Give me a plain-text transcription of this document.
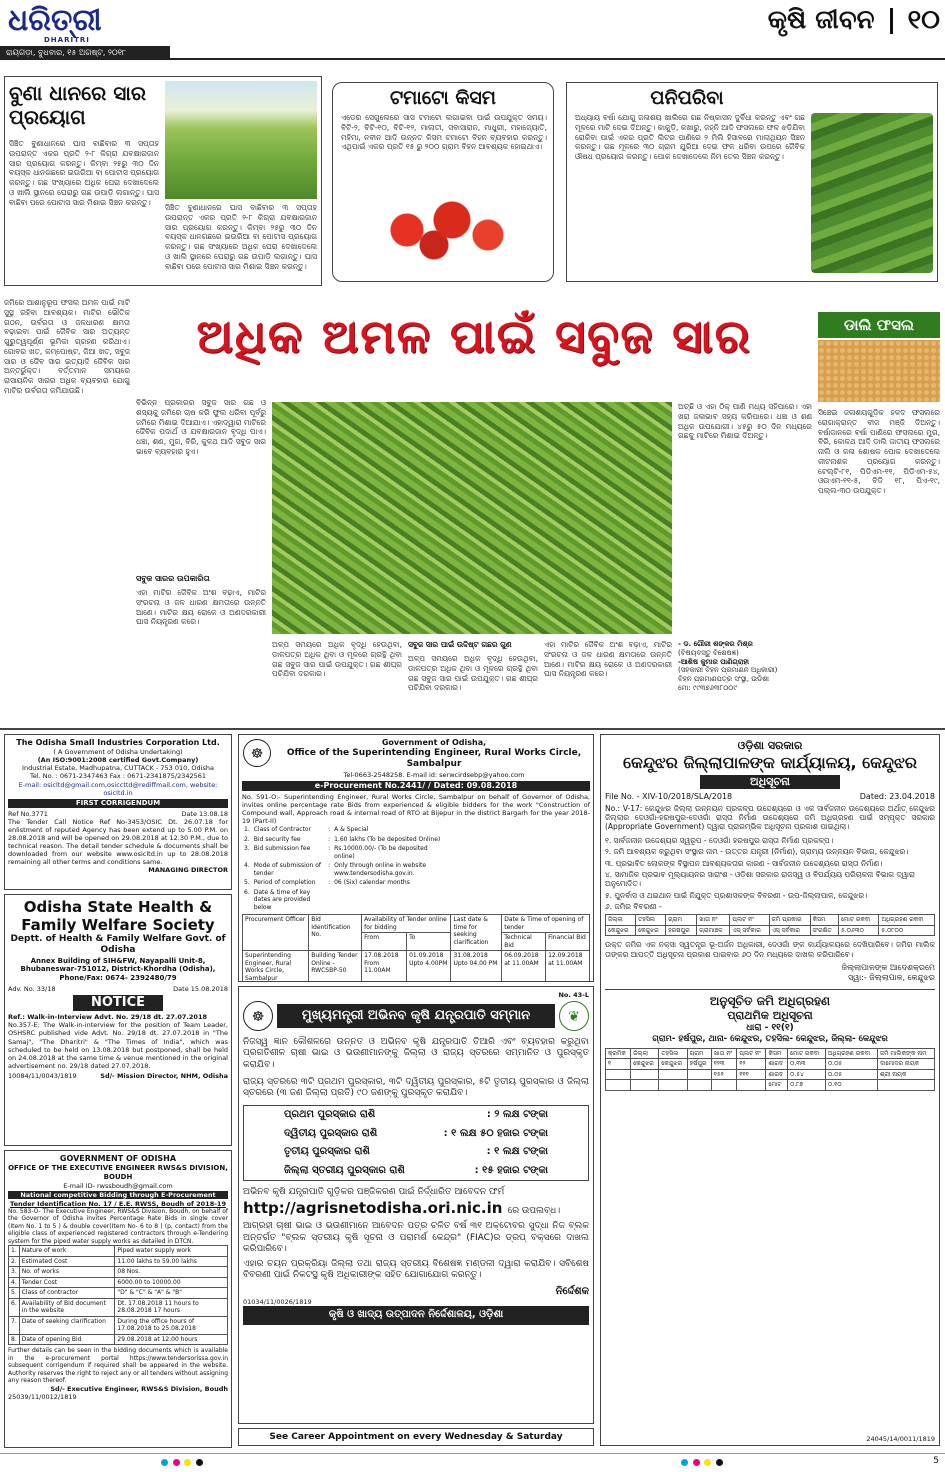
ଧରିତ୍ରୀ
DHARITRI
ରାୟଗଡ଼ା, ବୁଧବାର, ୧୫ ଅଗଷ୍ଟ, ୨୦୧୮
କୃଷି ଜୀବନ ୧୦
ବୁଣା ଧାନରେ ସାର ପ୍ରୟୋଗ
ସିଞ୍ଚିତ ବୁଣାଧାନରେ ଘାସ ବାଛିବାର ୩ ସପ୍ତାହ ଉପରାନ୍ତ ଏକର ପ୍ରତି ୨-୮ କିଗ୍ରା ଯବକ୍ଷାରଜାନ ସାର ପ୍ରୟୋଗ କରନ୍ତୁ। କିମ୍ବା ୨୫ରୁ ୩୦ ଦିନ ବୟସ୍କ ଧାନଗଛରେ ଇଉରିଆ ବା ପୋଟାସ ପ୍ରୟୋଗ କରନ୍ତୁ। ଗଛ ସଂଖ୍ୟାରେ ଅଧିକ ଘେରା ଦେଖାଦେଲେ ଓ ଖାଲି ସ୍ଥାନରେ ଘେରାରୁ ଗଛ ଉପାଡ଼ି ଲଗାନ୍ତୁ। ଘାସ ବାଛିବା ପରେ ପୋଟାସ ସାର ମିଶାଇ ସିଞ୍ଚନ କରନ୍ତୁ।
ସିଞ୍ଚିତ ବୁଣାଧାନରେ ଘାସ ବାଛିବାର ୩ ସପ୍ତାହ ଉପରାନ୍ତ ଏକର ପ୍ରତି ୨-୮ କିଗ୍ରା ଯବକ୍ଷାରଜାନ ସାର ପ୍ରୟୋଗ କରନ୍ତୁ। କିମ୍ବା ୨୫ରୁ ୩୦ ଦିନ ବୟସ୍କ ଧାନଗଛରେ ଇଉରିଆ ବା ପୋଟାସ ପ୍ରୟୋଗ କରନ୍ତୁ। ଗଛ ସଂଖ୍ୟାରେ ଅଧିକ ଘେରା ଦେଖାଦେଲେ ଓ ଖାଲି ସ୍ଥାନରେ ଘେରାରୁ ଗଛ ଉପାଡ଼ି ଲଗାନ୍ତୁ। ଘାସ ବାଛିବା ପରେ ପୋଟାସ ସାର ମିଶାଇ ସିଞ୍ଚନ କରନ୍ତୁ।
ଟମାଟୋ କିସମ
ଏଡେ଼ର ସେଗୁଲେରେ ସାସ ଟମାଟୋ ଲଗାଇବା ପାଇଁ ଉପଯୁକ୍ତ ସମୟ। ବିଟି-୨, ବିଟି-୧୦, ବିଟି-୧୨, ମାଲାତୀ, ସବାସାରାନ, ମାଧୁରୀ, ମହାଜ୍ୟୋତି, ମହିମା, ନବୀନ ଆଦି ଉନ୍ନତ କିସମ ଟମାଟୋ ବିହନ ବ୍ୟବହାର କରନ୍ତୁ। ଏଥିପାଇଁ ଏକର ପ୍ରତି ୧୫ ରୁ ୨୦୦ ଗ୍ରାମ ବିହନ ଆବଶ୍ୟକ ହୋଇଥାଏ।
ପନିପରିବା
ଅଧ୍ୟାୟ ବର୍ଷା ଯୋଗୁ ଜଳାଶୟ ଖାଲିରେ ଗଛ ନିଷ୍କାସନ ଦୁର୍ବିଧା କରନ୍ତୁ ଏବଂ ଗଛ ମୂଳରେ ମାଟି ଦେଇ ଦିଅନ୍ତୁ। କାକୁଡ଼ି, କଖାରୁ, ଜହ୍ନି ଆଦି ଫସଲରେ ଫଳ ଝଡ଼ିଯିବା ରୋକିବା ପାଇଁ ଏକର ପ୍ରତି ଲିଟର ପାଣିରେ ୨ ମିଲି ହିସାବରେ ମାଲାଥିୟନ ସିଞ୍ଚନ କରନ୍ତୁ। ଗଛ ମୂଳରେ ୩୦ ଗ୍ରାମ ଯୁରିଆ ଦେଇ ଫଳ ଧରିବା ଉପରେ ଜୈବିକ ଔଷଧ ପ୍ରୟୋଗ କରନ୍ତୁ। ପୋକ ଦେଖାଦେଲେ ନିମ ତେଲ ସିଞ୍ଚନ କରନ୍ତୁ।
ଜମିରେ ଆଶାନୁରୂପ ଫସଲ ଅମଳ ପାଇଁ ମାଟି ସୁସ୍ଥ ରହିବା ଆବଶ୍ୟକ। ମାଟିର ଭୌତିକ ଗଠନ, ଉର୍ବରତା ଓ ଜଳଧାରଣ କ୍ଷମତା ବଢ଼ାଇବା ପାଇଁ ଜୈବିକ ସାର ଅତ୍ୟନ୍ତ ଗୁରୁତ୍ୱପୂର୍ଣ୍ଣ ଭୂମିକା ଗ୍ରହଣ କରିଥାଏ। ଗୋବର ଖତ, କମ୍ପୋଷ୍ଟ, ଜିଆ ଖତ, ସବୁଜ ସାର ଓ ଜୈବ ସାର ଇତ୍ୟାଦି ଜୈବିକ ସାର ଅନ୍ତର୍ଭୁକ୍ତ। ବର୍ତ୍ତମାନ ସମୟରେ ରାସାୟନିକ ସାରର ଅଧିକ ବ୍ୟବହାର ଯୋଗୁ ମାଟିର ଉର୍ବରତା କମିଯାଉଛି।
ଅଧିକ ଅମଳ ପାଇଁ ସବୁଜ ସାର
ବିଭିନ୍ନ ପ୍ରକାରର ସବୁଜ ସାର ଗଛ ଓ ଶସ୍ୟକୁ ଜମିରେ ଚାଷ କରି ଫୁଲ ଧରିବା ପୂର୍ବରୁ ଜମିରେ ମିଶାଇ ଦିଆଯାଏ। ଏହାଦ୍ୱାରା ମାଟିରେ ଜୈବିକ ପଦାର୍ଥ ଓ ଯବକ୍ଷାରଜାନ ବୃଦ୍ଧି ପାଏ। ଧଞ୍ଚା, ଶଣ, ମୁଗ, ବିରି, କୁଳଥ ଆଦି ସବୁଜ ସାର ଭାବେ ବ୍ୟବହାର ହୁଏ।
ସବୁଜ ସାରର ଉପକାରିତା
ଏହା ମାଟିର ଜୈବିକ ଅଂଶ ବଢ଼ାଏ, ମାଟିର ସଂରଚନା ଓ ଜଳ ଧାରଣ କ୍ଷମତାରେ ଉନ୍ନତି ଆଣେ। ମାଟିର କ୍ଷୟ ରୋକେ ଓ ଅଣଦରକାରୀ ଘାସ ନିୟନ୍ତ୍ରଣ କରେ।
ଅଳ୍ପ ସମୟରେ ଅଧିକ ବୃଦ୍ଧି ହେଉଥିବା, ଡାଳପତ୍ର ଅଧିକ ଥିବା ଓ ମୂଳରେ ଗ୍ରନ୍ଥି ଥିବା ଗଛ ସବୁଜ ସାର ପାଇଁ ଉପଯୁକ୍ତ। ଗଛ ଶୀଘ୍ର ପଚିଯିବା ଦରକାର।
ସବୁଜ ସାର ପାଇଁ ଉଦ୍ଦିଷ୍ଟ ଗଛର ଗୁଣ
ଅଳ୍ପ ସମୟରେ ଅଧିକ ବୃଦ୍ଧି ହେଉଥିବା, ଡାଳପତ୍ର ଅଧିକ ଥିବା ଓ ମୂଳରେ ଗ୍ରନ୍ଥି ଥିବା ଗଛ ସବୁଜ ସାର ପାଇଁ ଉପଯୁକ୍ତ। ଗଛ ଶୀଘ୍ର ପଚିଯିବା ଦରକାର।
ଏହା ମାଟିର ଜୈବିକ ଅଂଶ ବଢ଼ାଏ, ମାଟିର ସଂରଚନା ଓ ଜଳ ଧାରଣ କ୍ଷମତାରେ ଉନ୍ନତି ଆଣେ। ମାଟିର କ୍ଷୟ ରୋକେ ଓ ଅଣଦରକାରୀ ଘାସ ନିୟନ୍ତ୍ରଣ କରେ।
ଅଚ୍ଛି ଓ ଏହା ଠିକ୍ ପାଣି ମଧ୍ୟ ସହିପାରେ। ଏହା ଖରା ଜଳାଭାବ ସହ୍ୟ କରିପାରେ। ଧଞ୍ଚା ଓ ଶଣ ଅଧିକ ଉପଯୋଗୀ। ୪୫ରୁ ୫୦ ଦିନ ମଧ୍ୟରେ ଗଛକୁ ମାଟିରେ ମିଶାଇ ଦିଅନ୍ତୁ।
- ଡ. ଗୌରୀ ଶଙ୍କର ମିଶ୍ର
(ବିଷୟବସ୍ତୁ ବିଶେଷଜ୍ଞ)
-ଆଶିଷ କୁମାର ପାଣିଗ୍ରାହୀ
(ସହକାରୀ ବିହନ ପ୍ରମାଣନ ଅଧିକାରୀ)
ବିହନ ପ୍ରମାଣପତ୍ର ସଂସ୍ଥା, ଉଡିଶା
ମୋ: ୯୯୩୭୬୩୮୦୦୯
ଡାଲି ଫସଲ
ସିଞ୍ଚେଇ ଜଳାଶୟଗୁଡ଼ିକ ହଳଦ ଫସଲରେ ରୋଗାକ୍ରାନ୍ତ ବୀଜ ମଞ୍ଜି ଦିଅନ୍ତୁ। ବର୍ଷାଜାନରେ ବର୍ଷା ପାଣିରେ ଫସଲରେ ମୁଗ, ବିରି, କୋଳଥ ଆଦି ଡାଲି ଜାତୀୟ ଫସଲରେ ନାଲି ଓ କଳା ଶୋଷକ ପୋକ ଦେଖାଦେଲେ କୀଟନାଶକ ପ୍ରୟୋଗ କରନ୍ତୁ। ଟେଲ୍ଟି-୮୧, ପିଡିଏମ-୧୧, ପିଡିଏମ-୫୪, ଓଉଏମ-୧୧-୫, ବିଡି ୧୮, ପିଏ-୧୯, ପଲ୍ଲ-୩୦ ଉପଯୁକ୍ତ।
The Odisha Small Industries Corporation Ltd.
( A Government of Odisha Undertaking)
(An ISO:9001:2008 certified Govt.Company)
Industrial Estate, Madhupatna, CUTTACK - 753 010, Odisha
Tel. No. : 0671-2347463 Fax : 0671-2341875/2342561
E-mail: osicltd@gmail.com,osiccttd@rediffmail.com, website: osicltd.in
FIRST CORRIGENDUM
Ref No.3771	Date 13.08.18
The Tender Call Notice Ref No-3453/OSIC Dt. 26.07.18 for enlistment of reputed Agency has been extend up to 5.00 P.M. on 28.08.2018 and will be opened on 29.08.2018 at 12.30 P.M., due to technical reason. The detail tender schedule & documents shall be downloaded from our website www.osicltd.in up to 28.08.2018 remaining all other terms and conditions same.
MANAGING DIRECTOR
Odisha State Health & Family Welfare Society
Deptt. of Health & Family Welfare Govt. of Odisha
Annex Building of SIH&FW, Nayapalli Unit-8, Bhubaneswar-751012, District-Khordha (Odisha), Phone/Fax: 0674- 2392480/79
Adv. No. 33/18	Date 15.08.2018
NOTICE
Ref.: Walk-in-Interview Advt. No. 29/18 dt. 27.07.2018
No.357-E: The Walk-in-interview for the position of Team Leader, OSHSRC published vide Advt. No. 29/18 dt. 27.07.2018 in "The Samaj", "The Dharitri" & "The Times of India", which was scheduled to be held on 13.08.2018 but postponed, shall be held on 24.08.2018 at the same time & venue mentioned in the original advertisement no. 29/18 dated 27.07.2018.
10084/11/0043/1819	Sd/- Mission Director, NHM, Odisha
GOVERNMENT OF ODISHA
OFFICE OF THE EXECUTIVE ENGINEER RWS&S DIVISION, BOUDH
E-mail ID- rwssboudh@gmail.com
National competitive Bidding through E-Procurement
Tender Identification No. 17 / E.E. RWSS, Boudh of 2018-19
No. 583-O- The Executive Engineer, RWS&S Division, Boudh, on behalf of the Governor of Odisha invites Percentage Rate Bids in single cover (Item No. 1 to 5 ) & double cover(Item No- 6 to 8 ) (p, contact) from the eligible class of experienced registered contractors through e-Tendering system for the piped water supply works as detailed in DTCN.
1.	Nature of work	Piped water supply work
2.	Estimated Cost	11.00 lakhs to 59.00 lakhs
3.	No. of works	08 Nos.
4.	Tender Cost	6000.00 to 10000.00
5.	Class of contractor	"D" & "C" & "A" & "B"
6.	Availability of Bid document in the website	Dt. 17.08.2018 11 hours to 28.08.2018 17 hours
7.	Date of seeking clarification	During the office hours of 17.08.2018 to 25.08.2018
8.	Date of opening Bid	29.08.2018 at 12.00 hours
Further details can be seen in the bidding documents which is available in the e-procurement portal https://www.tendersorissa.gov.in subsequent corrigendum if required shall be appeared in the website. Authority reserves the right to reject any or all tenders without assigning any reason thereof.
Sd/- Executive Engineer, RWS&S Division, Boudh
25039/11/0012/1819
☸
Government of Odisha,
Office of the Superintending Engineer, Rural Works Circle, Sambalpur
Tel-0663-2548258. E-mail id: serwcirdsebp@yahoo.com
e-Procurement No.2441/ / Dated: 09.08.2018
No. 591-O:- Superintending Engineer, Rural Works Circle, Sambalpur on behalf of Governor of Odisha, invites online percentage rate Bids from experienced & eligible bidders for the work "Construction of Compound wall, Approach road & internal road of RTO at Bijepur in the district Bargarh for the year 2018-19 (Part-II)
1.	Class of Contractor	:	A & Special
2.	Bid security fee	:	1.60 lakhs (To be deposited Online)
3.	Bid submission fee	:	Rs.10000.00/- (To be deposited online)
4.	Mode of submission of tender	:	Only through online in website www.tendersodisha.gov.in.
5.	Period of completion	:	06 (Six) calendar months
6.	Date & time of key dates are provided below		
Procurement Officer	Bid Identification No.	Availability of Tender online for bidding		Last date & time for seeking clarification	Date & Time of opening of tender	
		From	To		Technical Bid	Financial Bid
Superintending Engineer, Rural Works Circle, Sambalpur	Building Tender Online - RWCSBP-50	17.08.2018 From 11.00AM	01.09.2018 Upto 4.00PM	31.08.2018 Upto 04.00 PM	06.09.2018 at 11.00AM	12.09.2018 at 11.00AM
No. 43-L
☸	ମୁଖ୍ୟମନ୍ତ୍ରୀ ଅଭିନବ କୃଷି ଯନ୍ତ୍ରପାତି ସମ୍ମାନ	❦
ନିଜସ୍ୱ ଜ୍ଞାନ କୌଶଳରେ ଉନ୍ନତ ଓ ଅଭିନବ କୃଷି ଯନ୍ତ୍ରପାତି ତିଆରି ଏବଂ ବ୍ୟବହାର କରୁଥିବା ପ୍ରଗତିଶୀଳ ଚାଷୀ ଭାଇ ଓ ଭଉଣୀମାନଙ୍କୁ ଜିଲ୍ଲା ଓ ରାଜ୍ୟ ସ୍ତରରେ ସମ୍ମାନିତ ଓ ପୁରସ୍କୃତ କରାଯିବ।
ରାଜ୍ୟ ସ୍ତରରେ ୩ଟି ପ୍ରଥମ ପୁରସ୍କାର, ୩ଟି ଦ୍ୱିତୀୟ ପୁରସ୍କାର, ୫ଟି ତୃତୀୟ ପୁରସ୍କାର ଓ ଜିଲ୍ଲା ସ୍ତରରେ (୩ ଜଣ ଜିଲ୍ଲା ପ୍ରତି) ୯୦ ଜଣଙ୍କୁ ପୁରସ୍କୃତ କରାଯିବ।
ପ୍ରଥମ ପୁରସ୍କାର ରାଶି	: ୨ ଲକ୍ଷ ଟଙ୍କା
ଦ୍ୱିତୀୟ ପୁରସ୍କାର ରାଶି	: ୧ ଲକ୍ଷ ୫୦ ହଜାର ଟଙ୍କା
ତୃତୀୟ ପୁରସ୍କାର ରାଶି	: ୧ ଲକ୍ଷ ଟଙ୍କା
ଜିଲ୍ଲା ସ୍ତରୀୟ ପୁରସ୍କାର ରାଶି	: ୧୫ ହଜାର ଟଙ୍କା
ଅଭିନବ କୃଷି ଯନ୍ତ୍ରପାତି ଗୁଡ଼ିକର ପଞ୍ଜିକରଣ ପାଇଁ ନିର୍ଦ୍ଧାରିତ ଆବେଦନ ଫର୍ମ
http://agrisnetodisha.ori.nic.in ରେ ଉପଲବ୍ଧ।
ଆଗ୍ରହୀ ଚାଷୀ ଭାଇ ଓ ଭଉଣୀମାନେ ଆବେଦନ ପତ୍ର ଚଳିତ ବର୍ଷ ୩୧ ଅକ୍ଟୋବର ସୁଦ୍ଧା ନିଜ ବ୍ଲକ ଅନ୍ତର୍ଗତ "ବ୍ଲକ ସ୍ତରୀୟ କୃଷି ସୂଚନା ଓ ପରାମର୍ଶ କେନ୍ଦ୍ର" (FIAC)ର ଡ୍ରପ୍ ବକ୍ସରେ ଦାଖଲ କରିପାରିବେ।
ଏହାର ଚୟନ ପ୍ରକ୍ରିୟା ଜିଲ୍ଲା ତଥା ରାଜ୍ୟ ସ୍ତରୀୟ ବିଶେଷଜ୍ଞ ମଣ୍ଡଳୀ ଦ୍ୱାରା କରାଯିବ। ସବିଶେଷ ବିବରଣୀ ପାଇଁ ନିକଟସ୍ଥ କୃଷି ଅଧିକାରୀଙ୍କ ସହିତ ଯୋଗାଯୋଗ କରନ୍ତୁ।
ନିର୍ଦ୍ଦେଶକ
01034/11/0026/1819
କୃଷି ଓ ଖାଦ୍ୟ ଉତ୍ପାଦନ ନିର୍ଦ୍ଦେଶାଳୟ, ଓଡ଼ିଶା
ଓଡ଼ିଶା ସରକାର
କେନ୍ଦୁଝର ଜିଲ୍ଲାପାଳଙ୍କ କାର୍ଯ୍ୟାଳୟ, କେନ୍ଦୁଝର
ଅଧିସୂଚନା
File No. - XIV-10/2018/SLA/2018	Dated: 23.04.2018
No.: V-17: କେନ୍ଦୁଝର ଜିଲ୍ଲା ଉନ୍ନୟନ ପ୍ରକଳ୍ପ ଉଦ୍ଦେଶ୍ୟରେ ଓ ଏକ ସାର୍ବଜନୀନ ଉଦ୍ଦେଶ୍ୟରେ ଅର୍ଥାତ୍ କେନ୍ଦୁଝର ଜିଲ୍ଲାର ଦେଓଗାଁ-ହରଷପୁର-ଦେଓଗାଁ ରାସ୍ତା ନିର୍ମାଣ ଉଦ୍ଦେଶ୍ୟରେ ଜମି ଅଧିଗ୍ରହଣ ପାଇଁ ସମ୍ପୃକ୍ତ ସରକାର (Appropriate Government) ଦ୍ୱାରା ପ୍ରାରମ୍ଭିକ ଅଧିସୂଚନା ପ୍ରକାଶ ପାଇଥିଲା।
୧. ସାର୍ବଜନୀନ ଉଦ୍ଦେଶ୍ୟର ସ୍ୱରୂପ - ଦେଓଗାଁ ହରଷପୁର ରାସ୍ତା ନିର୍ମାଣ ପ୍ରକଳ୍ପ।
୨. ଜମି ଆବଶ୍ୟକ କରୁଥିବା ସଂସ୍ଥାର ନାମ - ଉତ୍ତର ଯନ୍ତ୍ରୀ (ନିର୍ମାଣ), ଗ୍ରାମ୍ୟ ଉନ୍ନୟନ ବିଭାଗ, କେନ୍ଦୁଝର।
୩. ପ୍ରଭାବିତ ଲୋକଙ୍କ ବିସ୍ଥାପନ ଆବଶ୍ୟକତାର କାରଣ - ସାର୍ବଜନୀନ ଉଦ୍ଦେଶ୍ୟରେ ରାସ୍ତା ନିର୍ମାଣ।
୪. ସାମାଜିକ ପ୍ରଭାବ ମୂଲ୍ୟାୟନର ସାରାଂଶ - ଓଡ଼ିଶା ସରକାର ରାଜସ୍ୱ ଓ ବିପର୍ଯ୍ୟୟ ପରିଚାଳନା ବିଭାଗ ଦ୍ୱାରା ଅନୁମୋଦିତ।
୫. ପୁନର୍ବାସ ଓ ଥଇଥାନ ପାଇଁ ନିଯୁକ୍ତ ପ୍ରଶାସକଙ୍କ ବିବରଣୀ - ଉପ-ଜିଲ୍ଲାପାଳ, କେନ୍ଦୁଝର।
୬. ଜମିର ବିବରଣୀ -
ଜିଲ୍ଲା	ତହସିଲ	ଗ୍ରାମ	ଖାତା ନଂ	ପ୍ଲଟ ନଂ	ଜମି ପ୍ରକାର	କିସମ	ମୋଟ ରକବା	ଅଧିଗ୍ରହଣ ରକବା
କେନ୍ଦୁଝର	କେନ୍ଦୁଝର	ହରଷପୁର	ଗ୍ରାମାଞ୍ଚଳ	ଏସ୍ ସର୍ବକାର	ଏସ୍ ସର୍ବକାର	ସଂରକ୍ଷିତ	୫.୦୬୩୦	୫.୦୮୦୦
ଉକ୍ତ ଜମିର ଏକ ନକ୍ସା ସ୍ୱତନ୍ତ୍ର ଭୂ-ଅର୍ଜନ ଅଧିକାରୀ, ଦେଓଗାଁ ଙ୍କ କାର୍ଯ୍ୟାଳୟରେ ଦେଖିପାରିବେ। ଜମିର ମାଲିକ ତାଙ୍କର ଆପତ୍ତି ଅଧିସୂଚନା ପ୍ରକାଶ ପାଇବାର ୬୦ ଦିନ ମଧ୍ୟରେ ଦାଖଲ କରିପାରିବେ।
ଜିଲ୍ଲାପାଳଙ୍କ ଆଦେଶକ୍ରମେ
ସ୍ୱା:- ଜିଲ୍ଲାପାଳ, କେନ୍ଦୁଝର
ଅନୁସୂଚିତ ଜମି ଅଧିଗ୍ରହଣ
ପ୍ରାଥମିକ ଅଧିସୂଚନା
ଧାରା - ୧୧(୧)
ଗ୍ରାମ- ହର୍ଷପୁର, ଥାନା- କେନ୍ଦୁଝର, ତହସିଲ- କେନ୍ଦୁଝର, ଜିଲ୍ଲା- କେନ୍ଦୁଝର
କ୍ରମିକ	ଜିଲ୍ଲା	ତହସିଲ	ଗ୍ରାମ	ଖାତା ନଂ	ପ୍ଲଟ ନଂ	କିସମ	ମୋଟ ରକବା	ଅଧିଗ୍ରହଣ ରକବା	ଜମି ମାଲିକଙ୍କ ନାମ
୧	କେନ୍ଦୁଝର	କେନ୍ଦୁଝର	ହର୍ଷପୁର	୧୨୩	୧୨	ଶାରଦ	୦.୩୩	୦.୦୫	ଦାମୋଦର ନାୟକ
				୧୫୨	୧୧୧	ଶାରଦ	୦.୫୪	୦.୦୫	ଶ୍ରୀ ନାୟକ
						ମୋଟ	୦.୮୭	୦.୧୦	
24045/14/0011/1819
See Career Appointment on every Wednesday & Saturday

5
